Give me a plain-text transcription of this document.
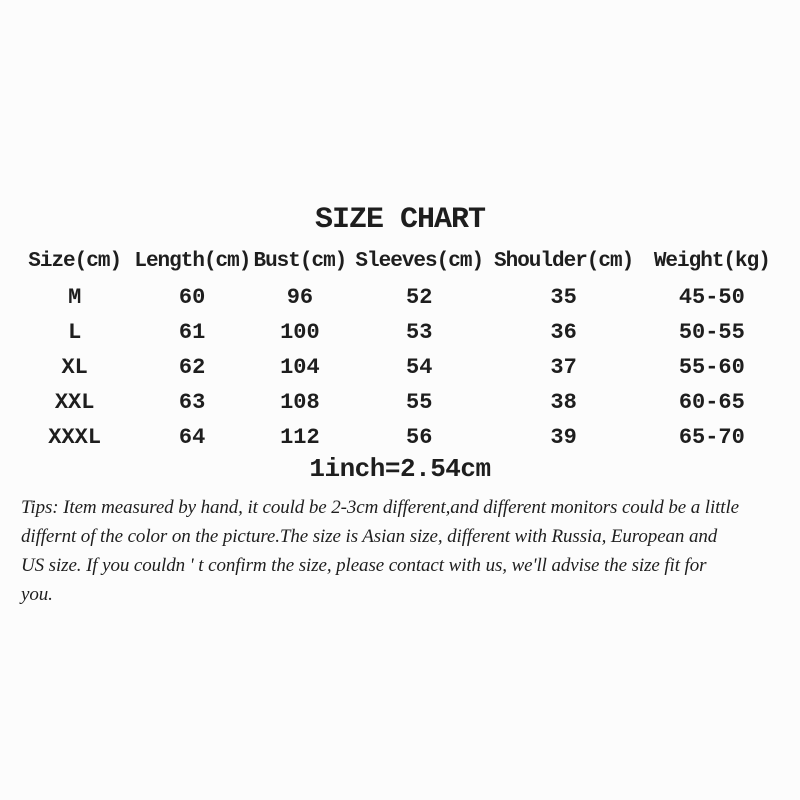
SIZE CHART
Size(cm)	Length(cm)	Bust(cm)	Sleeves(cm)	Shoulder(cm)	Weight(kg)
M	60	96	52	35	45-50
L	61	100	53	36	50-55
XL	62	104	54	37	55-60
XXL	63	108	55	38	60-65
XXXL	64	112	56	39	65-70
1inch=2.54cm
Tips: Item measured by hand, it could be 2-3cm different,and different monitors could be a little
differnt of the color on the picture.The size is Asian size, different with Russia, European and
US size. If you couldn ' t confirm the size, please contact with us, we'll advise the size fit for
you.
